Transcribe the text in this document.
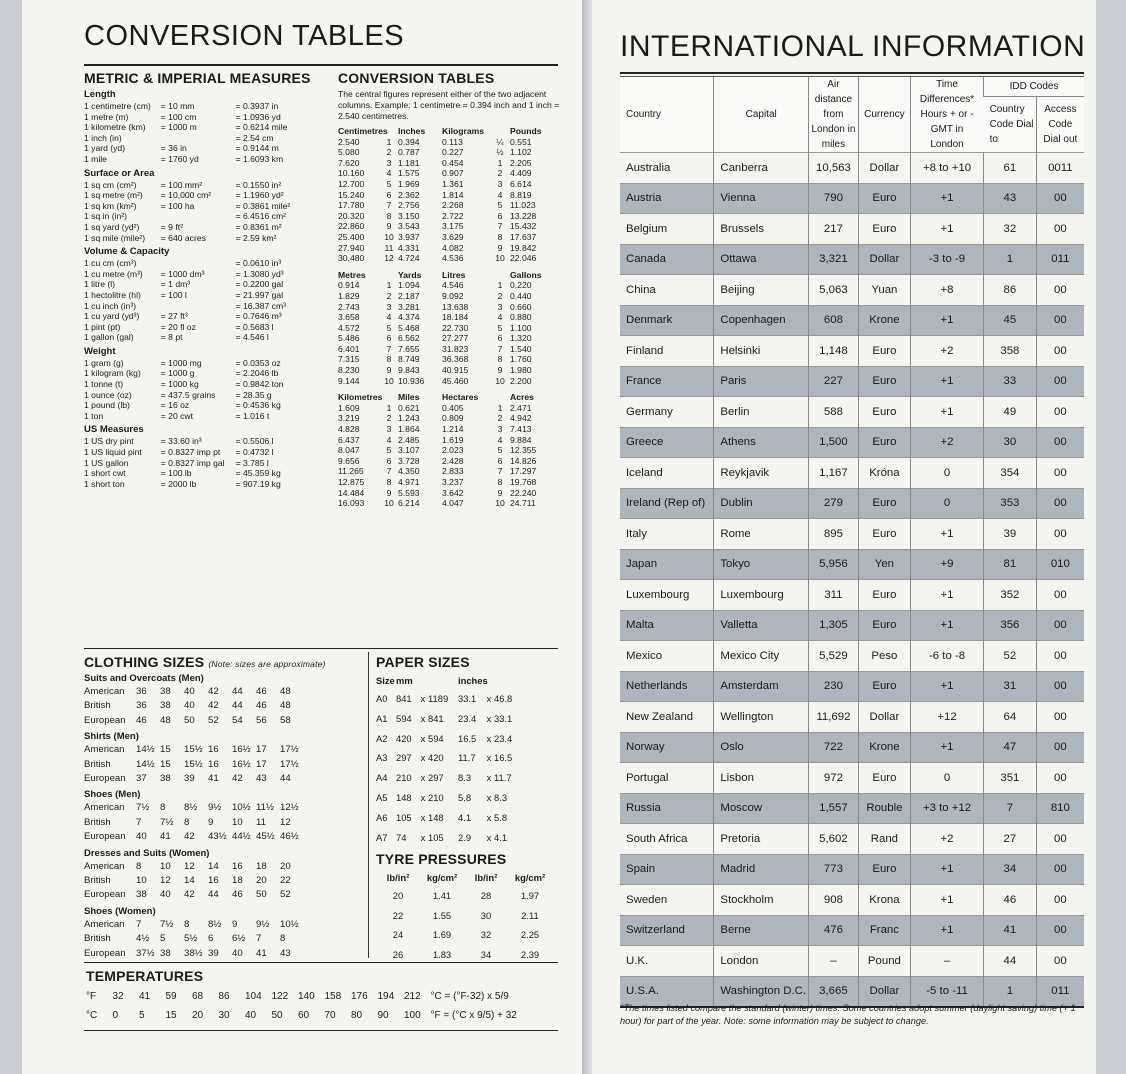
CONVERSION TABLES
METRIC & IMPERIAL MEASURES
Length
1 centimetre (cm)	= 10 mm	= 0.3937 in
1 metre (m)	= 100 cm	= 1.0936 yd
1 kilometre (km)	= 1000 m	= 0.6214 mile
1 inch (in)	= 2.54 cm
1 yard (yd)	= 36 in	= 0.9144 m
1 mile	= 1760 yd	= 1.6093 km
Surface or Area
1 sq cm (cm²)	= 100 mm²	= 0.1550 in²
1 sq metre (m²)	= 10,000 cm²	= 1.1960 yd²
1 sq km (km²)	= 100 ha	= 0.3861 mile²
1 sq in (in²)	= 6.4516 cm²
1 sq yard (yd²)	= 9 ft²	= 0.8361 m²
1 sq mile (mile²)	= 640 acres	= 2.59 km²
Volume & Capacity
1 cu cm (cm³)	= 0.0610 in³
1 cu metre (m³)	= 1000 dm³	= 1.3080 yd³
1 litre (l)	= 1 dm³	= 0.2200 gal
1 hectolitre (hl)	= 100 l	= 21.997 gal
1 cu inch (in³)	= 16.387 cm³
1 cu yard (yd³)	= 27 ft³	= 0.7646 m³
1 pint (pt)	= 20 fl oz	= 0.5683 l
1 gallon (gal)	= 8 pt	= 4.546 l
Weight
1 gram (g)	= 1000 mg	= 0.0353 oz
1 kilogram (kg)	= 1000 g	= 2.2046 lb
1 tonne (t)	= 1000 kg	= 0.9842 ton
1 ounce (oz)	= 437.5 grains	= 28.35 g
1 pound (lb)	= 16 oz	= 0.4536 kg
1 ton	= 20 cwt	= 1.016 t
US Measures
1 US dry pint	= 33.60 in³	= 0.5506 l
1 US liquid pint	= 0.8327 imp pt	= 0.4732 l
1 US gallon	= 0.8327 imp gal	= 3.785 l
1 short cwt	= 100 lb	= 45.359 kg
1 short ton	= 2000 lb	= 907.19 kg
CONVERSION TABLES

The central figures represent either of the two adjacent columns. Example: 1 centimetre = 0.394 inch and 1 inch = 2.540 centimetres.

Centimetres Inches	Kilograms	Pounds
2.540	1 0.394	0.113	¼ 0.551
5.080	2 0.787	0.227	½ 1.102
7.620	3 1.181	0.454	1 2.205
10.160	4 1.575	0.907	2 4.409
12.700	5 1.969	1.361	3 6.614
15.240	6 2.362	1.814	4 8.819
17.780	7 2.756	2.268	5 11.023
20.320	8 3.150	2.722	6 13.228
22.860	9 3.543	3.175	7 15.432
25.400	10 3.937	3.629	8 17.637
27.940	11 4.331	4.082	9 19.842
30.480	12 4.724	4.536	10 22.046
Metres	Yards	Litres	Gallons
0.914	1 1.094	4.546	1 0.220
1.829	2 2.187	9.092	2 0.440
2.743	3 3.281	13.638	3 0.660
3.658	4 4.374	18.184	4 0.880
4.572	5 5.468	22.730	5 1.100
5.486	6 6.562	27.277	6 1.320
6.401	7 7.655	31.823	7 1.540
7.315	8 8.749	36.368	8 1.760
8.230	9 9.843	40.915	9 1.980
9.144	10 10.936	45.460	10 2.200
Kilometres Miles	Hectares	Acres
1.609	1 0.621	0.405	1 2.471
3.219	2 1.243	0.809	2 4.942
4.828	3 1.864	1.214	3 7.413
6.437	4 2.485	1.619	4 9.884
8.047	5 3.107	2.023	5 12.355
9.656	6 3.728	2.428	6 14.826
11.265	7 4.350	2.833	7 17.297
12.875	8 4.971	3.237	8 19.768
14.484	9 5.593	3.642	9 22.240
16.093	10 6.214	4.047	10 24.711
CLOTHING SIZES (Note: sizes are approximate)
Suits and Overcoats (Men)
American	36	38	40	42	44	46	48
British	36	38	40	42	44	46	48
European	46	48	50	52	54	56	58
Shirts (Men)
American	14½ 15	15½ 16	16½ 17	17½
British	14½ 15	15½ 16	16½ 17	17½
European	37	38	39	41	42	43	44
Shoes (Men)
American	7½	8	8½	9½	10½ 11½ 12½
British	7	7½	8	9	10	11	12
European	40	41	42	43½ 44½ 45½ 46½
Dresses and Suits (Women)
American	8	10	12	14	16	18	20
British	10	12	14	16	18	20	22
European	38	40	42	44	46	50	52
Shoes (Women)
American	7	7½	8	8½	9	9½	10½
British	4½	5	5½	6	6½	7	8
European	37½ 38	38½ 39	40	41	43
PAPER SIZES
Size mm	inches
A0 841 x 1189	33.1	x 46.8
A1 594 x 841	23.4	x 33.1
A2 420 x 594	16.5	x 23.4
A3 297 x 420	11.7	x 16.5
A4 210 x 297	8.3	x 11.7
A5 148 x 210	5.8	x 8.3
A6 105 x 148	4.1	x 5.8
A7 74	x 105	2.9	x 4.1
TYRE PRESSURES
lb/in²	kg/cm²	lb/in²	kg/cm²
20	1.41	28	1.97
22	1.55	30	2.11
24	1.69	32	2.25
26	1.83	34	2.39
TEMPERATURES
°F	32	41	59	68	86	104 122 140 158 176 194 212 °C = (°F-32) x 5/9
°C	0	5	15	20	30	40	50	60	70	80	90	100 °F = (°C x 9/5) + 32
INTERNATIONAL INFORMATION
Country	Capital	Air distance from London in miles	Currency	Time Differences* Hours + or - GMT in London	IDD Codes	
					Country Code Dial to	Access Code Dial out
Australia	Canberra	10,563	Dollar	+8 to +10	61	0011
Austria	Vienna	790	Euro	+1	43	00
Belgium	Brussels	217	Euro	+1	32	00
Canada	Ottawa	3,321	Dollar	-3 to -9	1	011
China	Beijing	5,063	Yuan	+8	86	00
Denmark	Copenhagen	608	Krone	+1	45	00
Finland	Helsinki	1,148	Euro	+2	358	00
France	Paris	227	Euro	+1	33	00
Germany	Berlin	588	Euro	+1	49	00
Greece	Athens	1,500	Euro	+2	30	00
Iceland	Reykjavik	1,167	Króna	0	354	00
Ireland (Rep of)	Dublin	279	Euro	0	353	00
Italy	Rome	895	Euro	+1	39	00
Japan	Tokyo	5,956	Yen	+9	81	010
Luxembourg	Luxembourg	311	Euro	+1	352	00
Malta	Valletta	1,305	Euro	+1	356	00
Mexico	Mexico City	5,529	Peso	-6 to -8	52	00
Netherlands	Amsterdam	230	Euro	+1	31	00
New Zealand	Wellington	11,692	Dollar	+12	64	00
Norway	Oslo	722	Krone	+1	47	00
Portugal	Lisbon	972	Euro	0	351	00
Russia	Moscow	1,557	Rouble	+3 to +12	7	810
South Africa	Pretoria	5,602	Rand	+2	27	00
Spain	Madrid	773	Euro	+1	34	00
Sweden	Stockholm	908	Krona	+1	46	00
Switzerland	Berne	476	Franc	+1	41	00
U.K.	London	–	Pound	–	44	00
U.S.A.	Washington D.C.	3,665	Dollar	-5 to -11	1	011

*The times listed compare the standard (winter) times. Some countries adopt summer (daylight saving) time (+ 1 hour) for part of the year. Note: some information may be subject to change.
